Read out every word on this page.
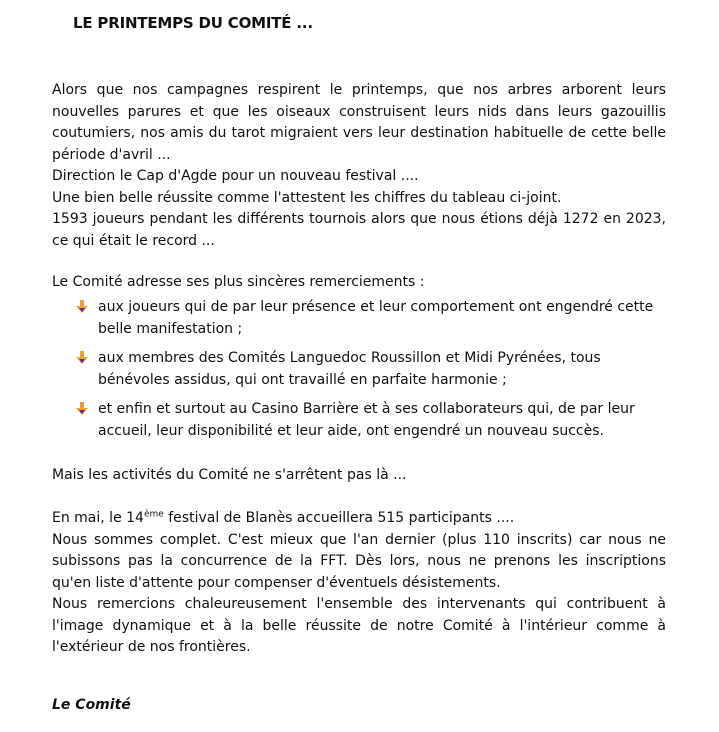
LE PRINTEMPS DU COMITÉ ...
Alors que nos campagnes respirent le printemps, que nos arbres arborent leurs nouvelles parures et que les oiseaux construisent leurs nids dans leurs gazouillis coutumiers, nos amis du tarot migraient vers leur destination habituelle de cette belle période d'avril ...
Direction le Cap d'Agde pour un nouveau festival ....
Une bien belle réussite comme l'attestent les chiffres du tableau ci-joint.
1593 joueurs pendant les différents tournois alors que nous étions déjà 1272 en 2023, ce qui était le record ...

Le Comité adresse ses plus sincères remerciements :

aux joueurs qui de par leur présence et leur comportement ont engendré cette belle manifestation ;
aux membres des Comités Languedoc Roussillon et Midi Pyrénées, tous bénévoles assidus, qui ont travaillé en parfaite harmonie ;
et enfin et surtout au Casino Barrière et à ses collaborateurs qui, de par leur accueil, leur disponibilité et leur aide, ont engendré un nouveau succès.

Mais les activités du Comité ne s'arrêtent pas là ...

En mai, le 14ème festival de Blanès accueillera 515 participants ....
Nous sommes complet. C'est mieux que l'an dernier (plus 110 inscrits) car nous ne subissons pas la concurrence de la FFT. Dès lors, nous ne prenons les inscriptions qu'en liste d'attente pour compenser d'éventuels désistements.
Nous remercions chaleureusement l'ensemble des intervenants qui contribuent à l'image dynamique et à la belle réussite de notre Comité à l'intérieur comme à l'extérieur de nos frontières.

Le Comité
